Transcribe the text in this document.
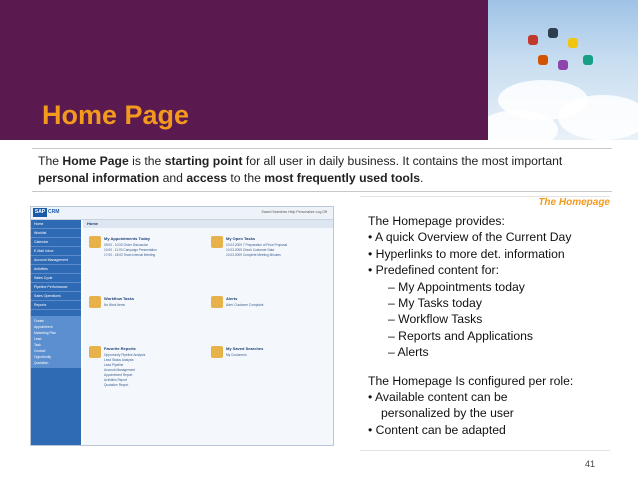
Home Page
The Home Page is the starting point for all user in daily business. It contains the most important personal information and access to the most frequently used tools.
The Homepage
The Homepage provides:
• A quick Overview of the Current Day
• Hyperlinks to more det. information
• Predefined content for:
– My Appointments today
– My Tasks today
– Workflow Tasks
– Reports and Applications
– Alerts
The Homepage Is configured per role:
• Available content can be
personalized by the user
• Content can be adapted
41
SAP CRM	Saved Searches Help Personalize Log Off
Home
Worklist
Calendar
E-Mail Inbox
Account Management
Activities
Sales Cycle
Pipeline Performance
Sales Operations
Reports
Create
Appointment
Marketing Plan
Lead
Task
Contact
Opportunity
Quotation
Home
My Appointments Today
09:00 - 10:00 Order Discussion
10:00 - 11:00 Campaign Presentation
17:00 - 18:00 Team Internal Meeting
My Open Tasks
10.03.2009 7 Preparation of Price Proposal
10.03.2009 Check Customer Data
10.03.2009 Complete Meeting Minutes
Workflow Tasks
No Work Items
Alerts
Alert: Customer Complaint
Favorite Reports
Opportunity Pipeline Analysis
Lead Status Analysis
Lead Pipeline
Account Management
Appointment Report
Activities Report
Quotation Report
My Saved Searches
My Customers
